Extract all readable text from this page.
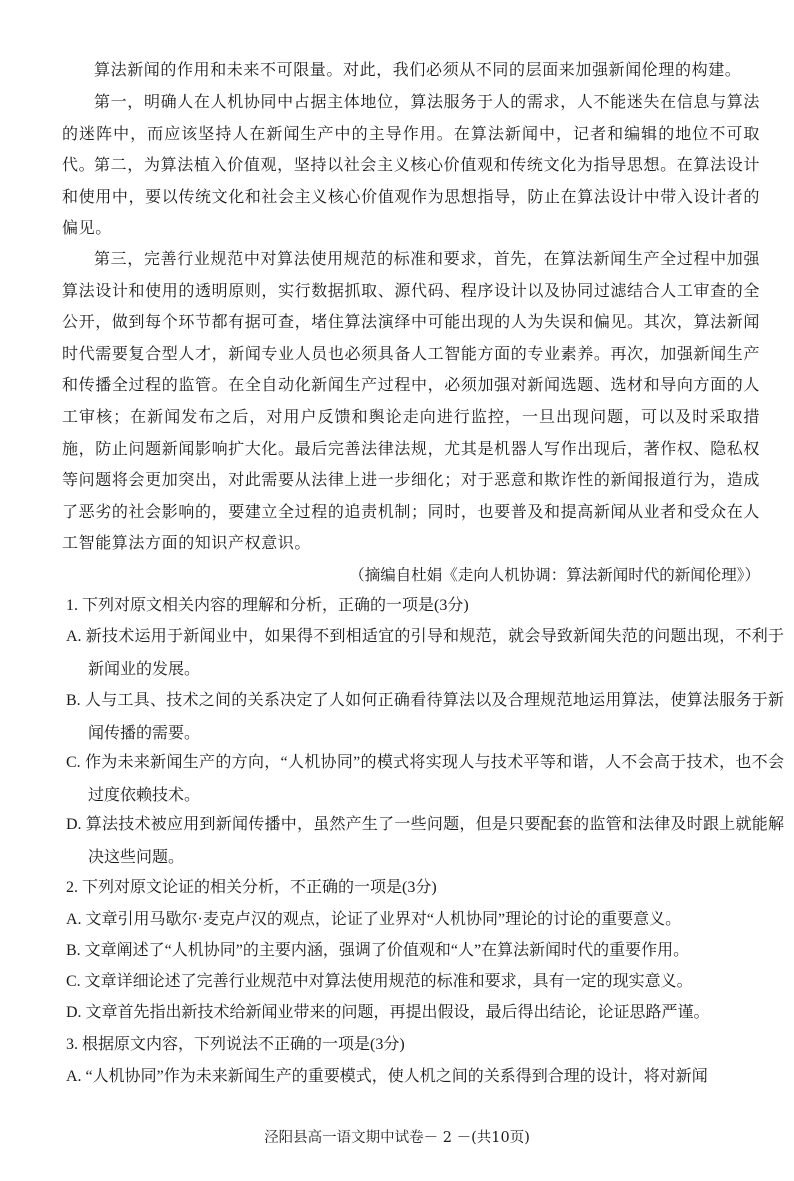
算法新闻的作用和未来不可限量。对此，我们必须从不同的层面来加强新闻伦理的构建。

第一，明确人在人机协同中占据主体地位，算法服务于人的需求，人不能迷失在信息与算法的迷阵中，而应该坚持人在新闻生产中的主导作用。在算法新闻中，记者和编辑的地位不可取代。

第二，为算法植入价值观，坚持以社会主义核心价值观和传统文化为指导思想。在算法设计和使用中，要以传统文化和社会主义核心价值观作为思想指导，防止在算法设计中带入设计者的偏见。

第三，完善行业规范中对算法使用规范的标准和要求，首先，在算法新闻生产全过程中加强算法设计和使用的透明原则，实行数据抓取、源代码、程序设计以及协同过滤结合人工审查的全公开，做到每个环节都有据可查，堵住算法演绎中可能出现的人为失误和偏见。其次，算法新闻时代需要复合型人才，新闻专业人员也必须具备人工智能方面的专业素养。再次，加强新闻生产和传播全过程的监管。在全自动化新闻生产过程中，必须加强对新闻选题、选材和导向方面的人工审核；在新闻发布之后，对用户反馈和舆论走向进行监控，一旦出现问题，可以及时采取措施，防止问题新闻影响扩大化。最后完善法律法规，尤其是机器人写作出现后，著作权、隐私权等问题将会更加突出，对此需要从法律上进一步细化；对于恶意和欺诈性的新闻报道行为，造成了恶劣的社会影响的，要建立全过程的追责机制；同时，也要普及和提高新闻从业者和受众在人工智能算法方面的知识产权意识。

（摘编自杜娟《走向人机协调：算法新闻时代的新闻伦理》）

1. 下列对原文相关内容的理解和分析，正确的一项是(3分)

A. 新技术运用于新闻业中，如果得不到相适宜的引导和规范，就会导致新闻失范的问题出现，不利于新闻业的发展。

B. 人与工具、技术之间的关系决定了人如何正确看待算法以及合理规范地运用算法，使算法服务于新闻传播的需要。

C. 作为未来新闻生产的方向，“人机协同”的模式将实现人与技术平等和谐，人不会高于技术，也不会过度依赖技术。

D. 算法技术被应用到新闻传播中，虽然产生了一些问题，但是只要配套的监管和法律及时跟上就能解决这些问题。

2. 下列对原文论证的相关分析，不正确的一项是(3分)

A. 文章引用马歇尔·麦克卢汉的观点，论证了业界对“人机协同”理论的讨论的重要意义。

B. 文章阐述了“人机协同”的主要内涵，强调了价值观和“人”在算法新闻时代的重要作用。

C. 文章详细论述了完善行业规范中对算法使用规范的标准和要求，具有一定的现实意义。

D. 文章首先指出新技术给新闻业带来的问题，再提出假设，最后得出结论，论证思路严谨。

3. 根据原文内容，下列说法不正确的一项是(3分)

A. “人机协同”作为未来新闻生产的重要模式，使人机之间的关系得到合理的设计，将对新闻

泾阳县高一语文期中试卷－ 2 －(共10页)
